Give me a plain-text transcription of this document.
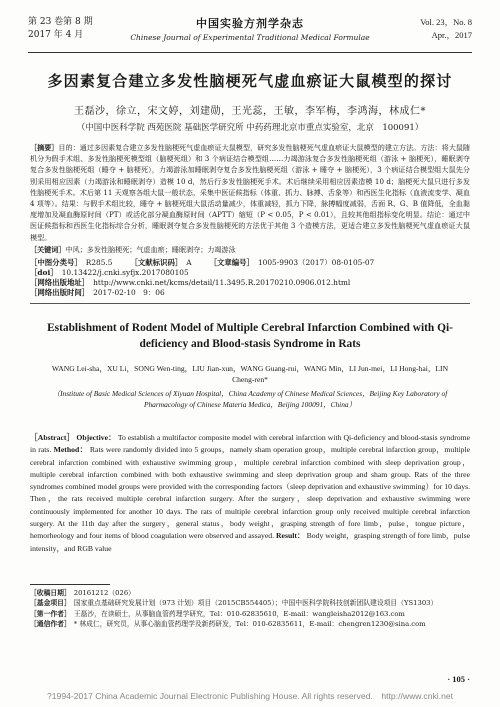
第 23 卷第 8 期
2017 年 4 月
中国实验方剂学杂志
Chinese Journal of Experimental Traditional Medical Formulae
Vol. 23，No. 8
Apr.，2017
多因素复合建立多发性脑梗死气虚血瘀证大鼠模型的探讨
王磊沙，徐立，宋文婷，刘建勋，王光蕊，王敏，李军梅，李鸿海，林成仁*
（中国中医科学院 西苑医院 基础医学研究所 中药药理北京市重点实验室，北京　100091）
［摘要］目的：通过多因素复合建立多发性脑梗死气虚血瘀证大鼠模型，研究多发性脑梗死气虚血瘀证大鼠模型的建立方法。方法：将大鼠随机分为假手术组、多发性脑梗死模型组（脑梗死组）和 3 个病证结合模型组……力竭游泳复合多发性脑梗死组（游泳 + 脑梗死），睡眠剥夺复合多发性脑梗死组（睡夺 + 脑梗死），力竭游泳加睡眠剥夺复合多发性脑梗死组（游泳 + 睡夺 + 脑梗死），3 个病证结合模型组大鼠先分别采用相应因素（力竭游泳和睡眠剥夺）造模 10 d，然后行多发性脑梗死手术。术后继续采用相应因素造模 10 d；脑梗死大鼠只进行多发性脑梗死手术。术后第 11 天观察各组大鼠一般状态，采集中医证候指标（体重、抓力、脉搏、舌象等）和西医生化指标（血液流变学、凝血 4 项等）。结果：与假手术组比较，睡夺 + 脑梗死组大鼠活动量减少，体重减轻，抓力下降，脉搏幅度减弱，舌面 R、G、B 值降低，全血黏度增加及凝血酶原时间（PT）或活化部分凝血酶原时间（APTT）缩短（P < 0.05，P < 0.01），且较其他组指标变化明显。结论：通过中医证候指标和西医生化指标综合分析，睡眠剥夺复合多发性脑梗死的方法优于其他 3 个造模方法，更适合建立多发性脑梗死气虚血瘀证大鼠模型。
［关键词］中风；多发性脑梗死；气虚血瘀；睡眠剥夺；力竭游泳
［中图分类号］ R285.5 ［文献标识码］ A ［文章编号］ 1005-9903（2017）08-0105-07
［doi］ 10.13422/j.cnki.syfjx.2017080105
［网络出版地址］ http://www.cnki.net/kcms/detail/11.3495.R.20170210.0906.012.html
［网络出版时间］ 2017-02-10　9：06
Establishment of Rodent Model of Multiple Cerebral Infarction Combined with Qi-deficiency and Blood-stasis Syndrome in Rats
WANG Lei-sha，XU Li，SONG Wen-ting，LIU Jian-xun，WANG Guang-rui，WANG Min，LI Jun-mei，LI Hong-hai，LIN Cheng-ren*
（Institute of Basic Medical Sciences of Xiyuan Hospital，China Academy of Chinese Medical Sciences，Beijing Key Laboratory of Pharmacology of Chinese Materia Medica，Beijing 100091，China）
［Abstract］ Objective： To establish a multifactor composite model with cerebral infarction with Qi-deficiency and blood-stasis syndrome in rats. Method： Rats were randomly divided into 5 groups，namely sham operation group，multiple cerebral infarction group，multiple cerebral infarction combined with exhaustive swimming group，multiple cerebral infarction combined with sleep deprivation group，multiple cerebral infarction combined with both exhaustive swimming and sleep deprivation group and sham group. Rats of the three syndromes combined model groups were provided with the corresponding factors（sleep deprivation and exhaustive swimming）for 10 days. Then，the rats received multiple cerebral infarction surgery. After the surgery，sleep deprivation and exhaustive swimming were continuously implemented for another 10 days. The rats of multiple cerebral infarction group only received multiple cerebral infarction surgery. At the 11th day after the surgery，general status，body weight，grasping strength of fore limb，pulse，tongue picture，hemorheology and four items of blood coagulation were observed and assayed. Result： Body weight，grasping strength of fore limb，pulse intensity，and RGB value
［收稿日期］ 20161212（026）
［基金项目］ 国家重点基础研究发展计划（973 计划）项目（2015CB554405）；中国中医科学院科技创新团队建设项目（YS1303）
［第一作者］ 王磊沙，在读硕士，从事脑血管药理学研究，Tel：010-62835610，E-mail：wangleisha2012@163.com
［通信作者］ * 林成仁，研究员，从事心脑血管药理学及新药研发，Tel：010-62835611，E-mail：chengren1230@sina.com
· 105 ·
?1994-2017 China Academic Journal Electronic Publishing House. All rights reserved.　http://www.cnki.net
